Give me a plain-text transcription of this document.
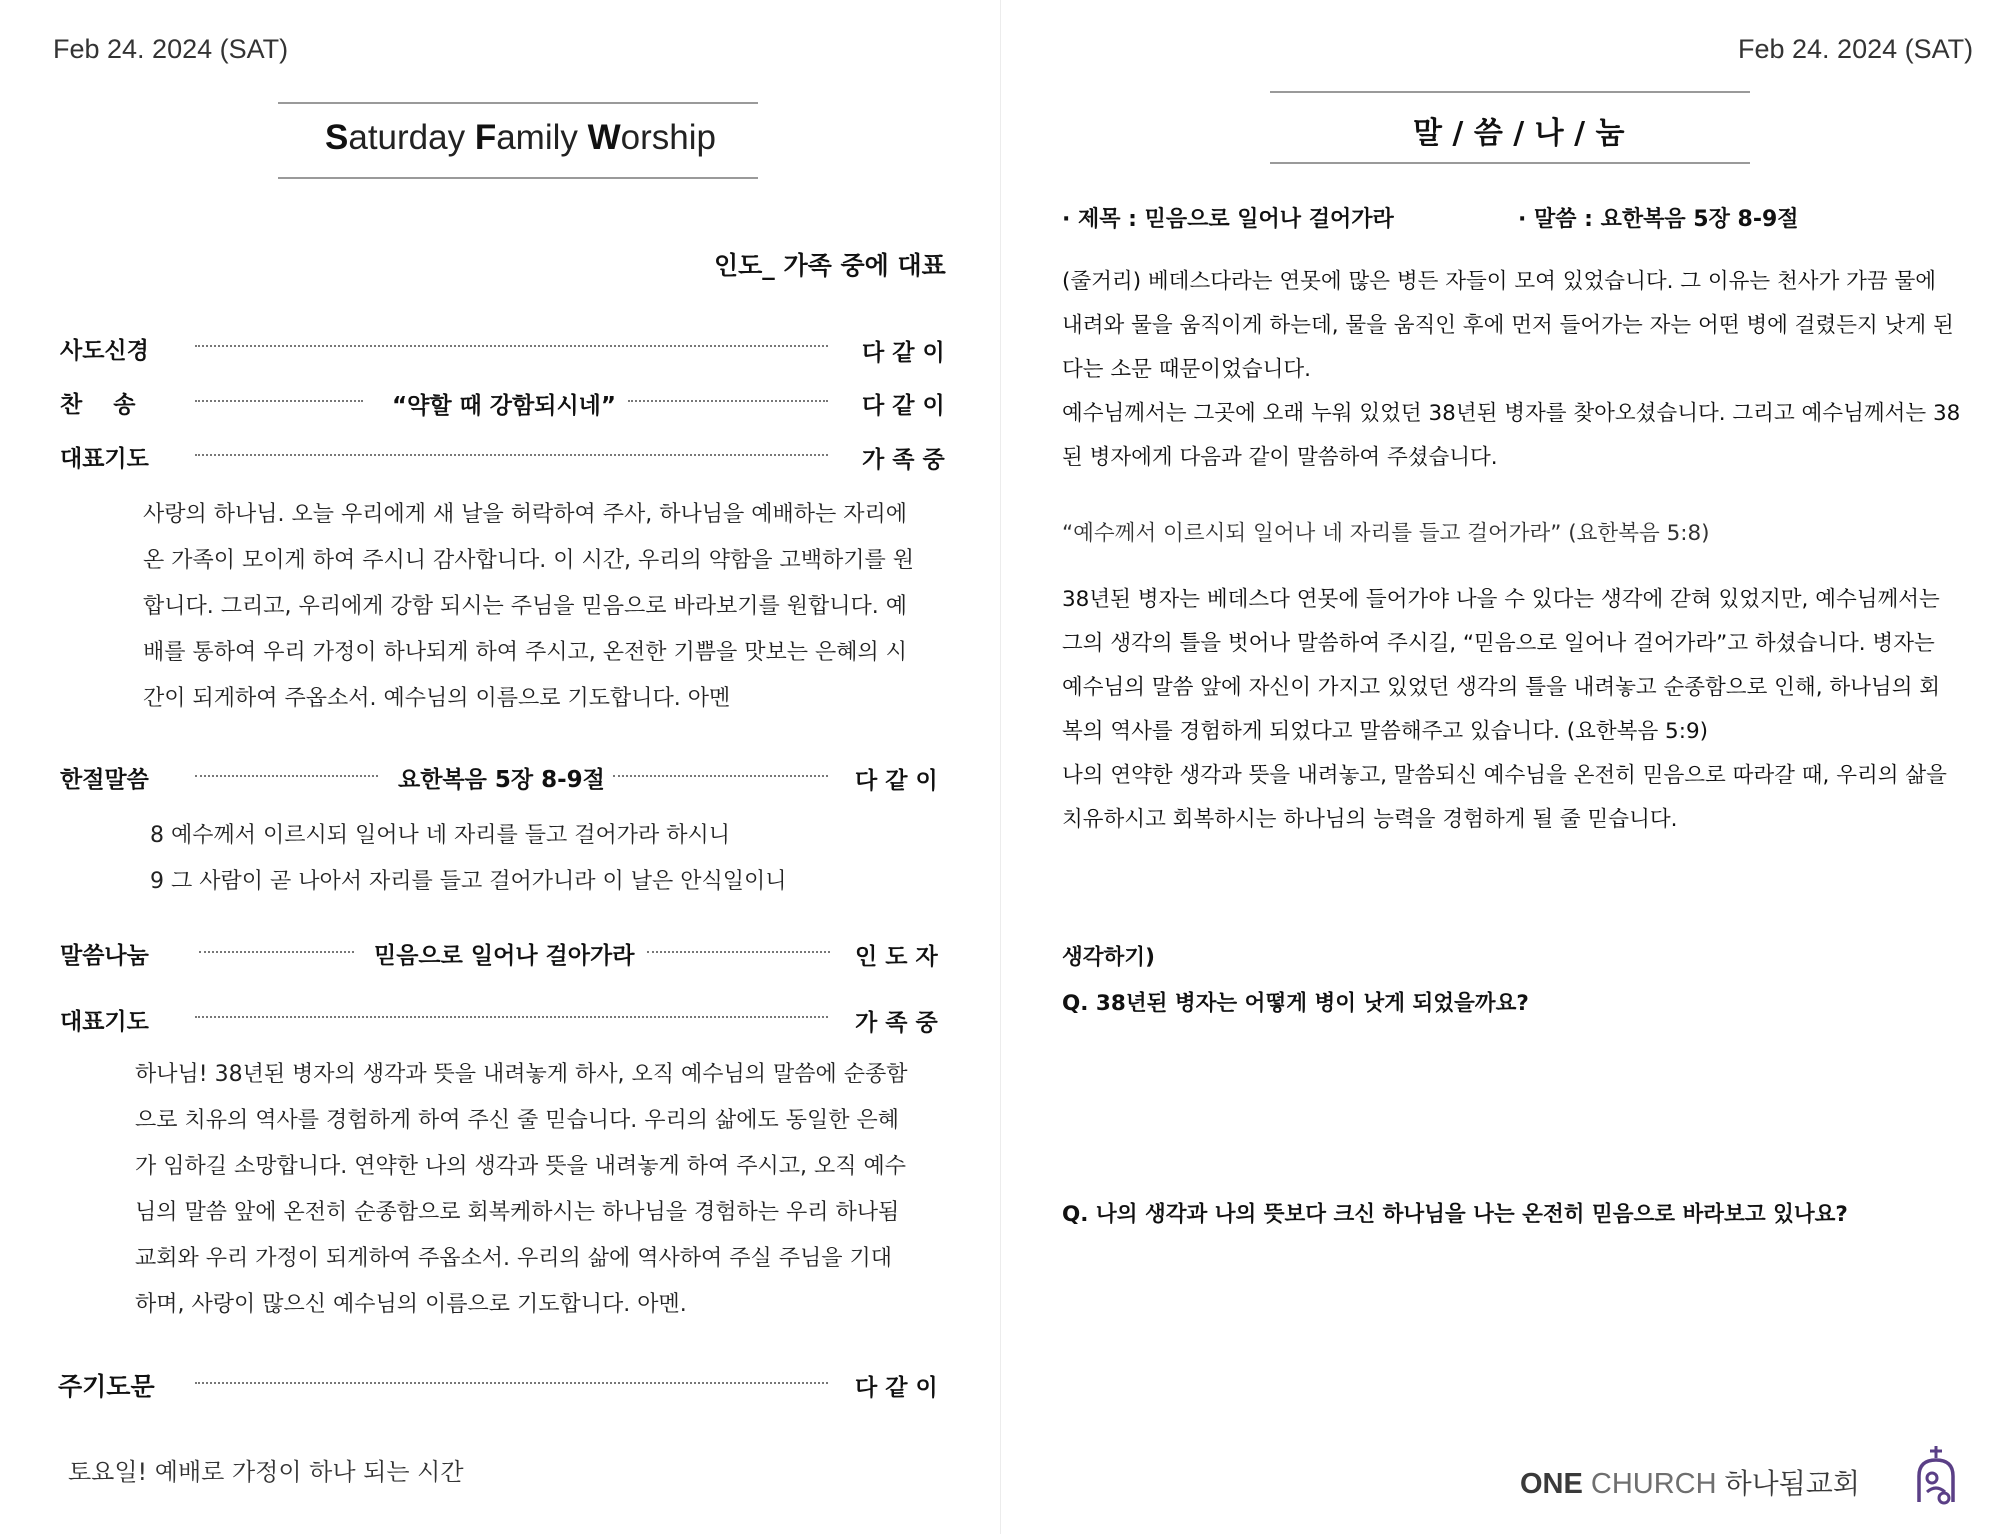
Feb 24. 2024 (SAT)
Saturday Family Worship
인도_ 가족 중에 대표
사도신경	다 같 이
찬　송	“약할 때 강함되시네”	다 같 이
대표기도	가 족 중

사랑의 하나님. 오늘 우리에게 새 날을 허락하여 주사, 하나님을 예배하는 자리에

온 가족이 모이게 하여 주시니 감사합니다. 이 시간, 우리의 약함을 고백하기를 원

합니다. 그리고, 우리에게 강함 되시는 주님을 믿음으로 바라보기를 원합니다. 예

배를 통하여 우리 가정이 하나되게 하여 주시고, 온전한 기쁨을 맛보는 은혜의 시

간이 되게하여 주옵소서. 예수님의 이름으로 기도합니다. 아멘

한절말씀	요한복음 5장 8-9절	다 같 이

8 예수께서 이르시되 일어나 네 자리를 들고 걸어가라 하시니

9 그 사람이 곧 나아서 자리를 들고 걸어가니라 이 날은 안식일이니

말씀나눔	믿음으로 일어나 걸아가라	인 도 자
대표기도	가 족 중

하나님! 38년된 병자의 생각과 뜻을 내려놓게 하사, 오직 예수님의 말씀에 순종함

으로 치유의 역사를 경험하게 하여 주신 줄 믿습니다. 우리의 삶에도 동일한 은혜

가 임하길 소망합니다. 연약한 나의 생각과 뜻을 내려놓게 하여 주시고, 오직 예수

님의 말씀 앞에 온전히 순종함으로 회복케하시는 하나님을 경험하는 우리 하나됨

교회와 우리 가정이 되게하여 주옵소서. 우리의 삶에 역사하여 주실 주님을 기대

하며, 사랑이 많으신 예수님의 이름으로 기도합니다. 아멘.

주기도문	다 같 이
토요일! 예배로 가정이 하나 되는 시간
Feb 24. 2024 (SAT)
말 / 씀 / 나 / 눔
· 제목 : 믿음으로 일어나 걸어가라	· 말씀 : 요한복음 5장 8-9절

(줄거리) 베데스다라는 연못에 많은 병든 자들이 모여 있었습니다. 그 이유는 천사가 가끔 물에

내려와 물을 움직이게 하는데, 물을 움직인 후에 먼저 들어가는 자는 어떤 병에 걸렸든지 낫게 된

다는 소문 때문이었습니다.

예수님께서는 그곳에 오래 누워 있었던 38년된 병자를 찾아오셨습니다. 그리고 예수님께서는 38

된 병자에게 다음과 같이 말씀하여 주셨습니다.

“예수께서 이르시되 일어나 네 자리를 들고 걸어가라” (요한복음 5:8)

38년된 병자는 베데스다 연못에 들어가야 나을 수 있다는 생각에 갇혀 있었지만, 예수님께서는

그의 생각의 틀을 벗어나 말씀하여 주시길, “믿음으로 일어나 걸어가라”고 하셨습니다. 병자는

예수님의 말씀 앞에 자신이 가지고 있었던 생각의 틀을 내려놓고 순종함으로 인해, 하나님의 회

복의 역사를 경험하게 되었다고 말씀해주고 있습니다. (요한복음 5:9)

나의 연약한 생각과 뜻을 내려놓고, 말씀되신 예수님을 온전히 믿음으로 따라갈 때, 우리의 삶을

치유하시고 회복하시는 하나님의 능력을 경험하게 될 줄 믿습니다.

생각하기)
Q. 38년된 병자는 어떻게 병이 낫게 되었을까요?
Q. 나의 생각과 나의 뜻보다 크신 하나님을 나는 온전히 믿음으로 바라보고 있나요?
ONE CHURCH 하나됨교회
